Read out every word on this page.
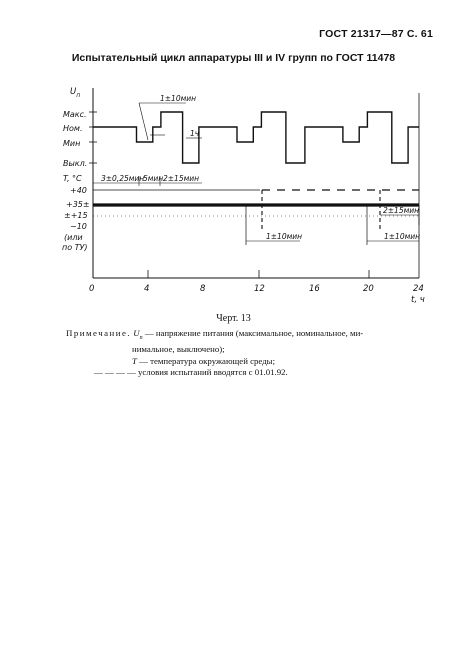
ГОСТ 21317—87 С. 61
Испытательный цикл аппаратуры III и IV групп по ГОСТ 11478
$U_п$
Макс.
Ном.
Мин
Выкл.
T, °C
+40
+35±
±+15
−10
(или
по ТУ)
1±10мин
1ч
3±0,25мин
5мин 2±15мин
2±15мин
1±10мин	1±10мин
0	4	8	12	16	20	24
t, ч
Черт. 13
Примечание. $U_п$ — напряжение питания (максимальное, номинальное, ми-
нимальное, выключено);
T — температура окружающей среды;
— — — — условия испытаний вводятся с 01.01.92.
